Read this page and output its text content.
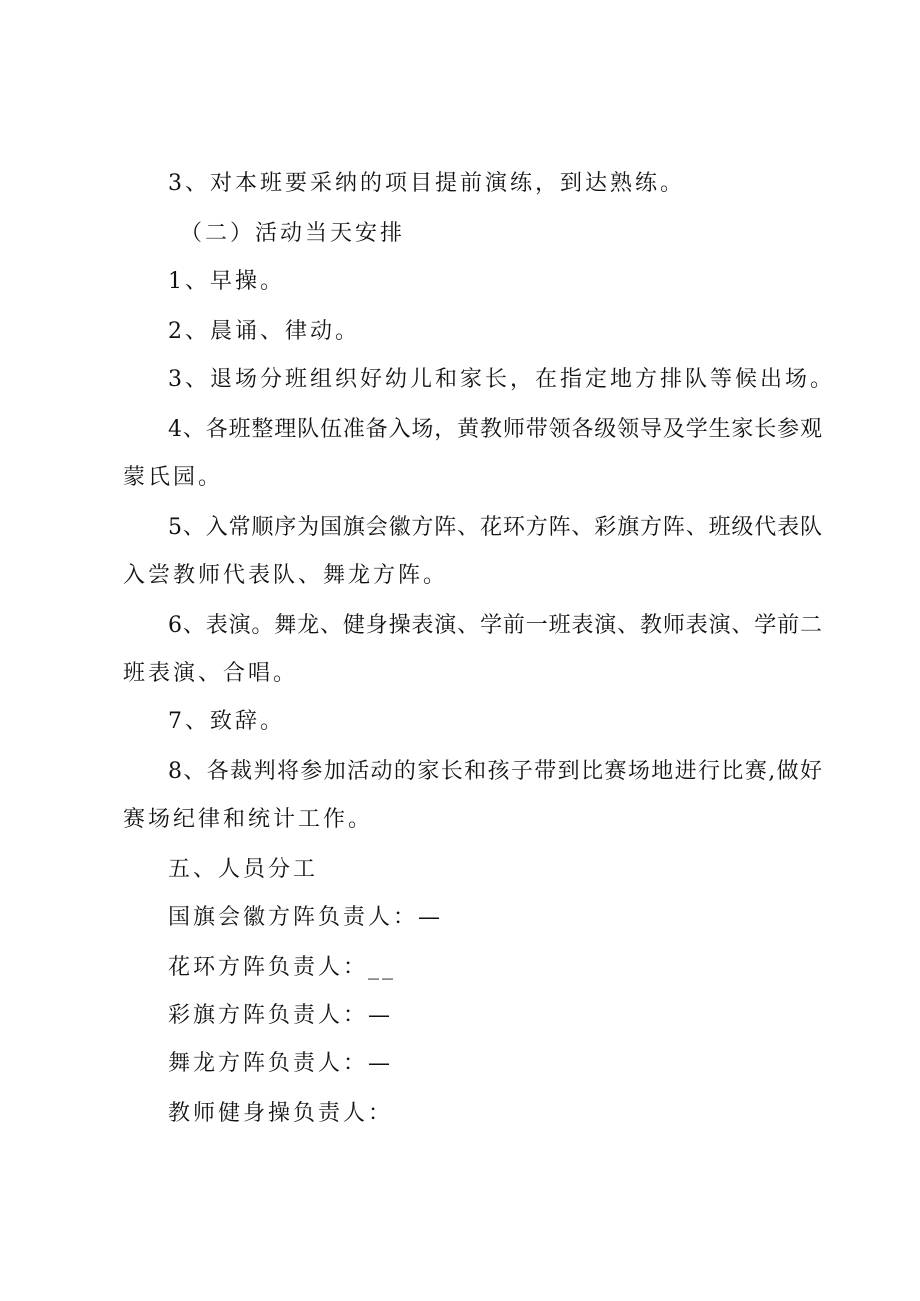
3、对本班要采纳的项目提前演练，到达熟练。
（二）活动当天安排
1、早操。
2、晨诵、律动。
3、退场分班组织好幼儿和家长，在指定地方排队等候出场。
4、各班整理队伍准备入场，黄教师带领各级领导及学生家长参观
蒙氏园。
5、入常顺序为国旗会徽方阵、花环方阵、彩旗方阵、班级代表队
入尝教师代表队、舞龙方阵。
6、表演。舞龙、健身操表演、学前一班表演、教师表演、学前二
班表演、合唱。
7、致辞。
8、各裁判将参加活动的家长和孩子带到比赛场地进行比赛,做好
赛场纪律和统计工作。
五、人员分工
国旗会徽方阵负责人：—
花环方阵负责人：__
彩旗方阵负责人：—
舞龙方阵负责人：—
教师健身操负责人：
